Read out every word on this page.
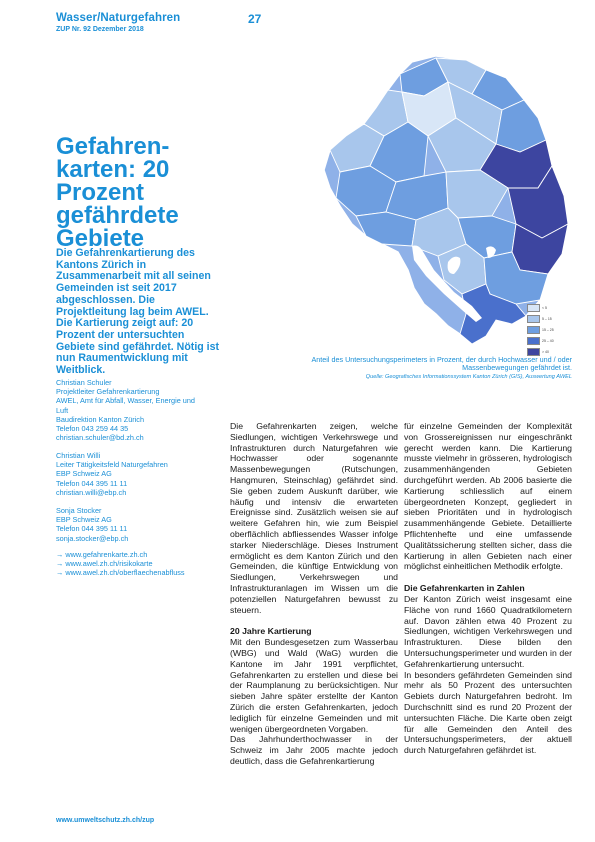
Wasser/Naturgefahren
ZUP Nr. 92 Dezember 2018
27
< 5
5 – 15
15 – 25
25 – 40
> 40
Anteil des Untersuchungsperimeters in Prozent, der durch Hochwasser und / oder Massenbewegungen gefährdet ist.
Quelle: Geografisches Informationssystem Kanton Zürich (GIS), Auswertung AWEL
Gefahren-karten: 20 Prozent gefährdete Gebiete

Die Gefahrenkartierung des Kantons Zürich in Zusammenarbeit mit all seinen Gemeinden ist seit 2017 abgeschlossen. Die Projektleitung lag beim AWEL. Die Kartierung zeigt auf: 20 Prozent der untersuchten Gebiete sind gefährdet. Nötig ist nun Raumentwicklung mit Weitblick.

Christian Schuler
Projektleiter Gefahrenkartierung
AWEL, Amt für Abfall, Wasser, Energie und
Luft
Baudirektion Kanton Zürich
Telefon 043 259 44 35
christian.schuler@bd.zh.ch
Christian Willi
Leiter Tätigkeitsfeld Naturgefahren
EBP Schweiz AG
Telefon 044 395 11 11
christian.willi@ebp.ch
Sonja Stocker
EBP Schweiz AG
Telefon 044 395 11 11
sonja.stocker@ebp.ch
→ www.gefahrenkarte.zh.ch
→ www.awel.zh.ch/risikokarte
→ www.awel.zh.ch/oberflaechenabfluss

Die Gefahrenkarten zeigen, welche Siedlungen, wichtigen Verkehrswege und Infrastrukturen durch Naturgefahren wie Hochwasser oder sogenannte Massenbewegungen (Rutschungen, Hangmuren, Steinschlag) gefährdet sind. Sie geben zudem Auskunft darüber, wie häufig und intensiv die erwarteten Ereignisse sind. Zusätzlich weisen sie auf weitere Gefahren hin, wie zum Beispiel oberflächlich abfliessendes Wasser infolge starker Niederschläge. Dieses Instrument ermöglicht es dem Kanton Zürich und den Gemeinden, die künftige Entwicklung von Siedlungen, Verkehrswegen und Infrastrukturanlagen im Wissen um die potenziellen Naturgefahren bewusst zu steuern.

20 Jahre Kartierung

Mit den Bundesgesetzen zum Wasserbau (WBG) und Wald (WaG) wurden die Kantone im Jahr 1991 verpflichtet, Gefahrenkarten zu erstellen und diese bei der Raumplanung zu berücksichtigen. Nur sieben Jahre später erstellte der Kanton Zürich die ersten Gefahrenkarten, jedoch lediglich für einzelne Gemeinden und mit wenigen übergeordneten Vorgaben.

Das Jahrhunderthochwasser in der Schweiz im Jahr 2005 machte jedoch deutlich, dass die Gefahrenkartierung

für einzelne Gemeinden der Komplexität von Grossereignissen nur eingeschränkt gerecht werden kann. Die Kartierung musste vielmehr in grösseren, hydrologisch zusammenhängenden Gebieten durchgeführt werden. Ab 2006 basierte die Kartierung schliesslich auf einem übergeordneten Konzept, gegliedert in sieben Prioritäten und in hydrologisch zusammenhängende Gebiete. Detaillierte Pflichtenhefte und eine umfassende Qualitätssicherung stellten sicher, dass die Kartierung in allen Gebieten nach einer möglichst einheitlichen Methodik erfolgte.

Die Gefahrenkarten in Zahlen

Der Kanton Zürich weist insgesamt eine Fläche von rund 1660 Quadratkilometern auf. Davon zählen etwa 40 Prozent zu Siedlungen, wichtigen Verkehrswegen und Infrastrukturen. Diese bilden den Untersuchungsperimeter und wurden in der Gefahrenkartierung untersucht.

In besonders gefährdeten Gemeinden sind mehr als 50 Prozent des untersuchten Gebiets durch Naturgefahren bedroht. Im Durchschnitt sind es rund 20 Prozent der untersuchten Fläche. Die Karte oben zeigt für alle Gemeinden den Anteil des Untersuchungsperimeters, der aktuell durch Naturgefahren gefährdet ist.

www.umweltschutz.zh.ch/zup
